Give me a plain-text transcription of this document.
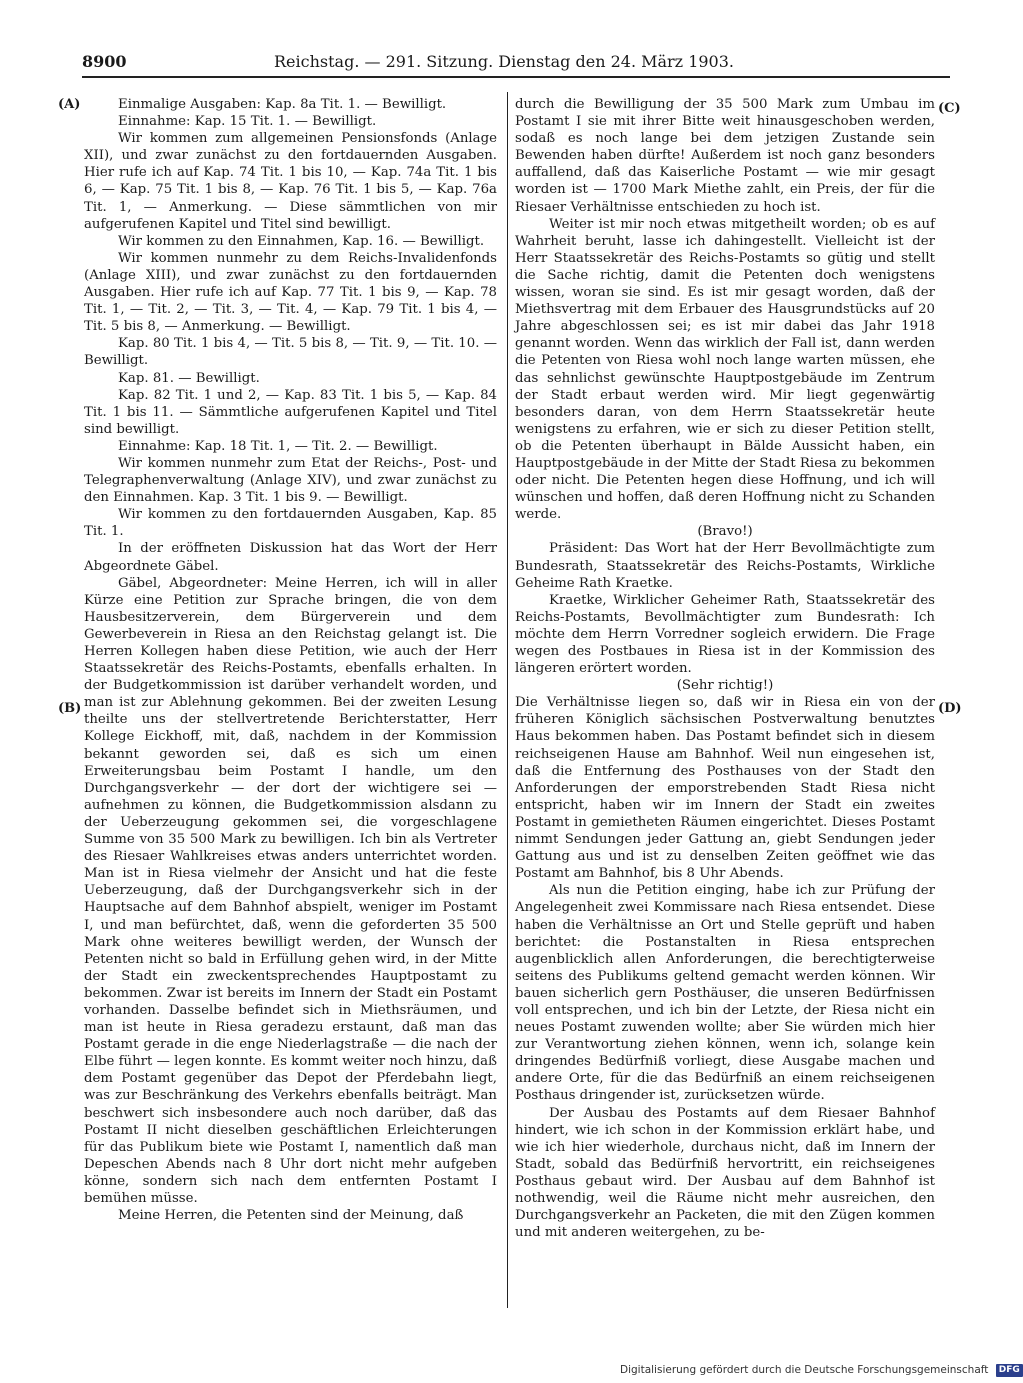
8900	Reichstag. — 291. Sitzung. Dienstag den 24. März 1903.
(A)
(B)
(C)
(D)

Einmalige Ausgaben: Kap. 8a Tit. 1. — Bewilligt.

Einnahme: Kap. 15 Tit. 1. — Bewilligt.

Wir kommen zum allgemeinen Pensionsfonds (Anlage XII), und zwar zunächst zu den fortdauernden Ausgaben. Hier rufe ich auf Kap. 74 Tit. 1 bis 10, — Kap. 74a Tit. 1 bis 6, — Kap. 75 Tit. 1 bis 8, — Kap. 76 Tit. 1 bis 5, — Kap. 76a Tit. 1, — Anmerkung. — Diese sämmtlichen von mir aufgerufenen Kapitel und Titel sind bewilligt.

Wir kommen zu den Einnahmen, Kap. 16. — Bewilligt.

Wir kommen nunmehr zu dem Reichs-Invalidenfonds (Anlage XIII), und zwar zunächst zu den fortdauernden Ausgaben. Hier rufe ich auf Kap. 77 Tit. 1 bis 9, — Kap. 78 Tit. 1, — Tit. 2, — Tit. 3, — Tit. 4, — Kap. 79 Tit. 1 bis 4, — Tit. 5 bis 8, — Anmerkung. — Bewilligt.

Kap. 80 Tit. 1 bis 4, — Tit. 5 bis 8, — Tit. 9, — Tit. 10. — Bewilligt.

Kap. 81. — Bewilligt.

Kap. 82 Tit. 1 und 2, — Kap. 83 Tit. 1 bis 5, — Kap. 84 Tit. 1 bis 11. — Sämmtliche aufgerufenen Kapitel und Titel sind bewilligt.

Einnahme: Kap. 18 Tit. 1, — Tit. 2. — Bewilligt.

Wir kommen nunmehr zum Etat der Reichs-, Post- und Telegraphenverwaltung (Anlage XIV), und zwar zunächst zu den Einnahmen. Kap. 3 Tit. 1 bis 9. — Bewilligt.

Wir kommen zu den fortdauernden Ausgaben, Kap. 85 Tit. 1.

In der eröffneten Diskussion hat das Wort der Herr Abgeordnete Gäbel.

Gäbel, Abgeordneter: Meine Herren, ich will in aller Kürze eine Petition zur Sprache bringen, die von dem Hausbesitzerverein, dem Bürgerverein und dem Gewerbeverein in Riesa an den Reichstag gelangt ist. Die Herren Kollegen haben diese Petition, wie auch der Herr Staatssekretär des Reichs-Postamts, ebenfalls erhalten. In der Budgetkommission ist darüber verhandelt worden, und man ist zur Ablehnung gekommen. Bei der zweiten Lesung theilte uns der stellvertretende Berichterstatter, Herr Kollege Eickhoff, mit, daß, nachdem in der Kommission bekannt geworden sei, daß es sich um einen Erweiterungsbau beim Postamt I handle, um den Durchgangsverkehr — der dort der wichtigere sei — aufnehmen zu können, die Budgetkommission alsdann zu der Ueberzeugung gekommen sei, die vorgeschlagene Summe von 35 500 Mark zu bewilligen. Ich bin als Vertreter des Riesaer Wahlkreises etwas anders unterrichtet worden. Man ist in Riesa vielmehr der Ansicht und hat die feste Ueberzeugung, daß der Durchgangsverkehr sich in der Hauptsache auf dem Bahnhof abspielt, weniger im Postamt I, und man befürchtet, daß, wenn die geforderten 35 500 Mark ohne weiteres bewilligt werden, der Wunsch der Petenten nicht so bald in Erfüllung gehen wird, in der Mitte der Stadt ein zweckentsprechendes Hauptpostamt zu bekommen. Zwar ist bereits im Innern der Stadt ein Postamt vorhanden. Dasselbe befindet sich in Miethsräumen, und man ist heute in Riesa geradezu erstaunt, daß man das Postamt gerade in die enge Niederlagstraße — die nach der Elbe führt — legen konnte. Es kommt weiter noch hinzu, daß dem Postamt gegenüber das Depot der Pferdebahn liegt, was zur Beschränkung des Verkehrs ebenfalls beiträgt. Man beschwert sich insbesondere auch noch darüber, daß das Postamt II nicht dieselben geschäftlichen Erleichterungen für das Publikum biete wie Postamt I, namentlich daß man Depeschen Abends nach 8 Uhr dort nicht mehr aufgeben könne, sondern sich nach dem entfernten Postamt I bemühen müsse.

Meine Herren, die Petenten sind der Meinung, daß

durch die Bewilligung der 35 500 Mark zum Umbau im Postamt I sie mit ihrer Bitte weit hinausgeschoben werden, sodaß es noch lange bei dem jetzigen Zustande sein Bewenden haben dürfte! Außerdem ist noch ganz besonders auffallend, daß das Kaiserliche Postamt — wie mir gesagt worden ist — 1700 Mark Miethe zahlt, ein Preis, der für die Riesaer Verhältnisse entschieden zu hoch ist.

Weiter ist mir noch etwas mitgetheilt worden; ob es auf Wahrheit beruht, lasse ich dahingestellt. Vielleicht ist der Herr Staatssekretär des Reichs-Postamts so gütig und stellt die Sache richtig, damit die Petenten doch wenigstens wissen, woran sie sind. Es ist mir gesagt worden, daß der Miethsvertrag mit dem Erbauer des Hausgrundstücks auf 20 Jahre abgeschlossen sei; es ist mir dabei das Jahr 1918 genannt worden. Wenn das wirklich der Fall ist, dann werden die Petenten von Riesa wohl noch lange warten müssen, ehe das sehnlichst gewünschte Hauptpostgebäude im Zentrum der Stadt erbaut werden wird. Mir liegt gegenwärtig besonders daran, von dem Herrn Staatssekretär heute wenigstens zu erfahren, wie er sich zu dieser Petition stellt, ob die Petenten überhaupt in Bälde Aussicht haben, ein Hauptpostgebäude in der Mitte der Stadt Riesa zu bekommen oder nicht. Die Petenten hegen diese Hoffnung, und ich will wünschen und hoffen, daß deren Hoffnung nicht zu Schanden werde.

(Bravo!)

Präsident: Das Wort hat der Herr Bevollmächtigte zum Bundesrath, Staatssekretär des Reichs-Postamts, Wirkliche Geheime Rath Kraetke.

Kraetke, Wirklicher Geheimer Rath, Staatssekretär des Reichs-Postamts, Bevollmächtigter zum Bundesrath: Ich möchte dem Herrn Vorredner sogleich erwidern. Die Frage wegen des Postbaues in Riesa ist in der Kommission des längeren erörtert worden.

(Sehr richtig!)

Die Verhältnisse liegen so, daß wir in Riesa ein von der früheren Königlich sächsischen Postverwaltung benutztes Haus bekommen haben. Das Postamt befindet sich in diesem reichseigenen Hause am Bahnhof. Weil nun eingesehen ist, daß die Entfernung des Posthauses von der Stadt den Anforderungen der emporstrebenden Stadt Riesa nicht entspricht, haben wir im Innern der Stadt ein zweites Postamt in gemietheten Räumen eingerichtet. Dieses Postamt nimmt Sendungen jeder Gattung an, giebt Sendungen jeder Gattung aus und ist zu denselben Zeiten geöffnet wie das Postamt am Bahnhof, bis 8 Uhr Abends.

Als nun die Petition einging, habe ich zur Prüfung der Angelegenheit zwei Kommissare nach Riesa entsendet. Diese haben die Verhältnisse an Ort und Stelle geprüft und haben berichtet: die Postanstalten in Riesa entsprechen augenblicklich allen Anforderungen, die berechtigterweise seitens des Publikums geltend gemacht werden können. Wir bauen sicherlich gern Posthäuser, die unseren Bedürfnissen voll entsprechen, und ich bin der Letzte, der Riesa nicht ein neues Postamt zuwenden wollte; aber Sie würden mich hier zur Verantwortung ziehen können, wenn ich, solange kein dringendes Bedürfniß vorliegt, diese Ausgabe machen und andere Orte, für die das Bedürfniß an einem reichseigenen Posthaus dringender ist, zurücksetzen würde.

Der Ausbau des Postamts auf dem Riesaer Bahnhof hindert, wie ich schon in der Kommission erklärt habe, und wie ich hier wiederhole, durchaus nicht, daß im Innern der Stadt, sobald das Bedürfniß hervortritt, ein reichseigenes Posthaus gebaut wird. Der Ausbau auf dem Bahnhof ist nothwendig, weil die Räume nicht mehr ausreichen, den Durchgangsverkehr an Packeten, die mit den Zügen kommen und mit anderen weitergehen, zu be-

Digitalisierung gefördert durch die Deutsche Forschungsgemeinschaft DFG
